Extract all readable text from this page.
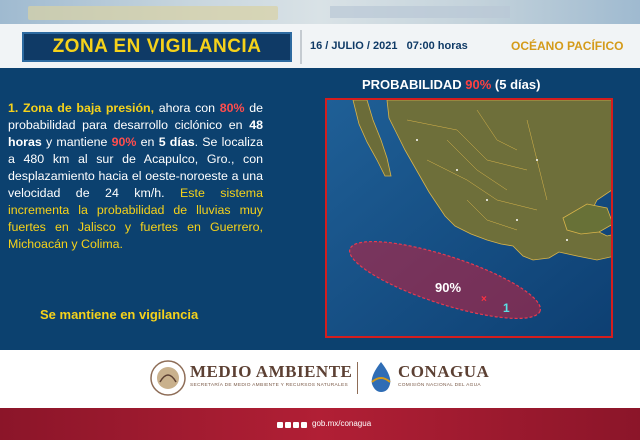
ZONA EN VIGILANCIA	16 / JULIO / 2021   07:00 horas	OCÉANO PACÍFICO
1. Zona de baja presión, ahora con 80% de probabilidad para desarrollo ciclónico en 48 horas y mantiene 90% en 5 días. Se localiza a 480 km al sur de Acapulco, Gro., con desplazamiento hacia el oeste-noroeste a una velocidad de 24 km/h. Este sistema incrementa la probabilidad de lluvias muy fuertes en Jalisco y fuertes en Guerrero, Michoacán y Colima.
Se mantiene en vigilancia
PROBABILIDAD 90% (5 días)
90%
×
1
MEDIO AMBIENTE
SECRETARÍA DE MEDIO AMBIENTE Y RECURSOS NATURALES
CONAGUA
COMISIÓN NACIONAL DEL AGUA
gob.mx/conagua
